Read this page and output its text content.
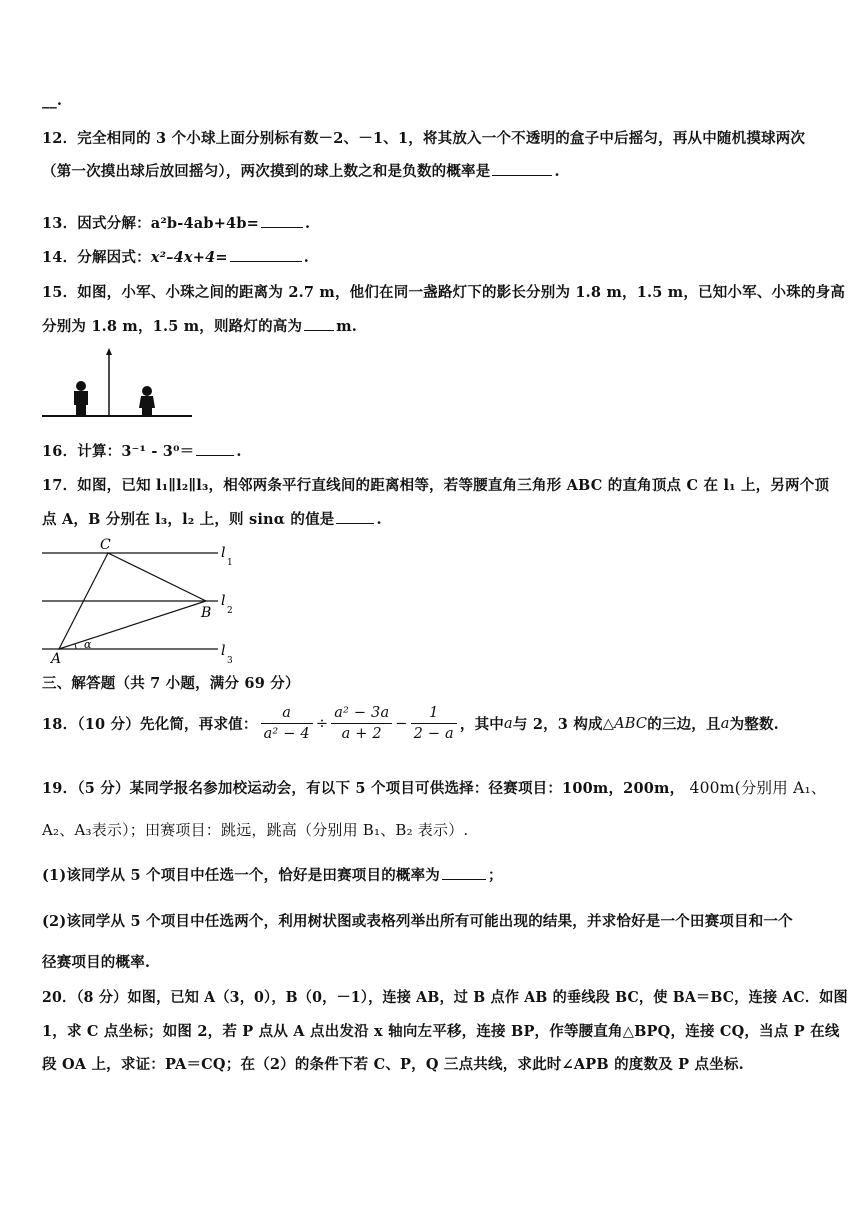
__.
12．完全相同的 3 个小球上面分别标有数－2、－1、1，将其放入一个不透明的盒子中后摇匀，再从中随机摸球两次
（第一次摸出球后放回摇匀），两次摸到的球上数之和是负数的概率是	.
13．因式分解：a²b-4ab+4b=	.
14．分解因式：x²–4x+4=	.
15．如图，小军、小珠之间的距离为 2.7 m，他们在同一盏路灯下的影长分别为 1.8 m，1.5 m，已知小军、小珠的身高
分别为 1.8 m，1.5 m，则路灯的高为 m.
16．计算：3⁻¹ - 3⁰＝	.
17．如图，已知 l₁∥l₂∥l₃，相邻两条平行直线间的距离相等，若等腰直角三角形 ABC 的直角顶点 C 在 l₁ 上，另两个顶
点 A，B 分别在 l₃，l₂ 上，则 sinα 的值是	.
C
B
A
α
l
1
l
2
l
3
三、解答题（共 7 小题，满分 69 分）
18．（10 分）先化简，再求值： $\frac{a}{\text{a² − 4}} \div \frac{\text{a² − 3a}}{a + 2} - \frac{1}{2 - a}$ ，其中 a 与 2，3 构成 △ABC 的三边，且 a 为整数.
19．（5 分）某同学报名参加校运动会，有以下 5 个项目可供选择：径赛项目：100m，200m， 400m(分别用 A₁、
A₂、A₃表示）；田赛项目：跳远，跳高（分别用 B₁、B₂ 表示）.
(1)该同学从 5 个项目中任选一个，恰好是田赛项目的概率为	；
(2)该同学从 5 个项目中任选两个，利用树状图或表格列举出所有可能出现的结果，并求恰好是一个田赛项目和一个
径赛项目的概率.
20．（8 分）如图，已知 A（3，0），B（0，－1），连接 AB，过 B 点作 AB 的垂线段 BC，使 BA＝BC，连接 AC．如图
1，求 C 点坐标；如图 2，若 P 点从 A 点出发沿 x 轴向左平移，连接 BP，作等腰直角△BPQ，连接 CQ，当点 P 在线
段 OA 上，求证：PA＝CQ；在（2）的条件下若 C、P，Q 三点共线，求此时∠APB 的度数及 P 点坐标.
